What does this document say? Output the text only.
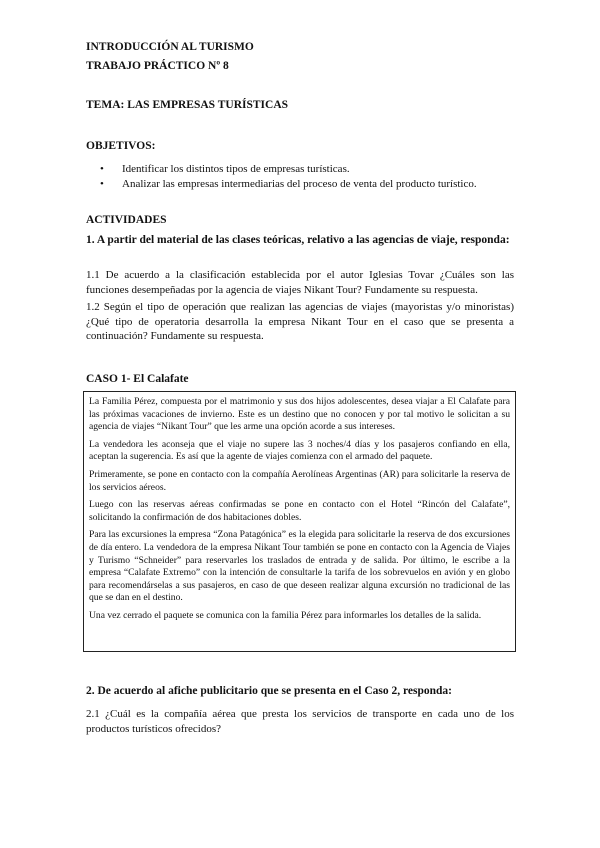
INTRODUCCIÓN AL TURISMO
TRABAJO PRÁCTICO Nº 8
TEMA: LAS EMPRESAS TURÍSTICAS
OBJETIVOS:
• Identificar los distintos tipos de empresas turísticas.
• Analizar las empresas intermediarias del proceso de venta del producto turístico.
ACTIVIDADES
1. A partir del material de las clases teóricas, relativo a las agencias de viaje, responda:
1.1 De acuerdo a la clasificación establecida por el autor Iglesias Tovar ¿Cuáles son las funciones desempeñadas por la agencia de viajes Nikant Tour? Fundamente su respuesta.
1.2 Según el tipo de operación que realizan las agencias de viajes (mayoristas y/o minoristas) ¿Qué tipo de operatoria desarrolla la empresa Nikant Tour en el caso que se presenta a continuación? Fundamente su respuesta.
CASO 1- El Calafate

La Familia Pérez, compuesta por el matrimonio y sus dos hijos adolescentes, desea viajar a El Calafate para las próximas vacaciones de invierno. Este es un destino que no conocen y por tal motivo le solicitan a su agencia de viajes “Nikant Tour” que les arme una opción acorde a sus intereses.

La vendedora les aconseja que el viaje no supere las 3 noches/4 días y los pasajeros confiando en ella, aceptan la sugerencia. Es así que la agente de viajes comienza con el armado del paquete.

Primeramente, se pone en contacto con la compañía Aerolíneas Argentinas (AR) para solicitarle la reserva de los servicios aéreos.

Luego con las reservas aéreas confirmadas se pone en contacto con el Hotel “Rincón del Calafate”, solicitando la confirmación de dos habitaciones dobles.

Para las excursiones la empresa “Zona Patagónica” es la elegida para solicitarle la reserva de dos excursiones de día entero. La vendedora de la empresa Nikant Tour también se pone en contacto con la Agencia de Viajes y Turismo “Schneider” para reservarles los traslados de entrada y de salida. Por último, le escribe a la empresa “Calafate Extremo” con la intención de consultarle la tarifa de los sobrevuelos en avión y en globo para recomendárselas a sus pasajeros, en caso de que deseen realizar alguna excursión no tradicional de las que se dan en el destino.

Una vez cerrado el paquete se comunica con la familia Pérez para informarles los detalles de la salida.

2. De acuerdo al afiche publicitario que se presenta en el Caso 2, responda:
2.1 ¿Cuál es la compañía aérea que presta los servicios de transporte en cada uno de los productos turísticos ofrecidos?
